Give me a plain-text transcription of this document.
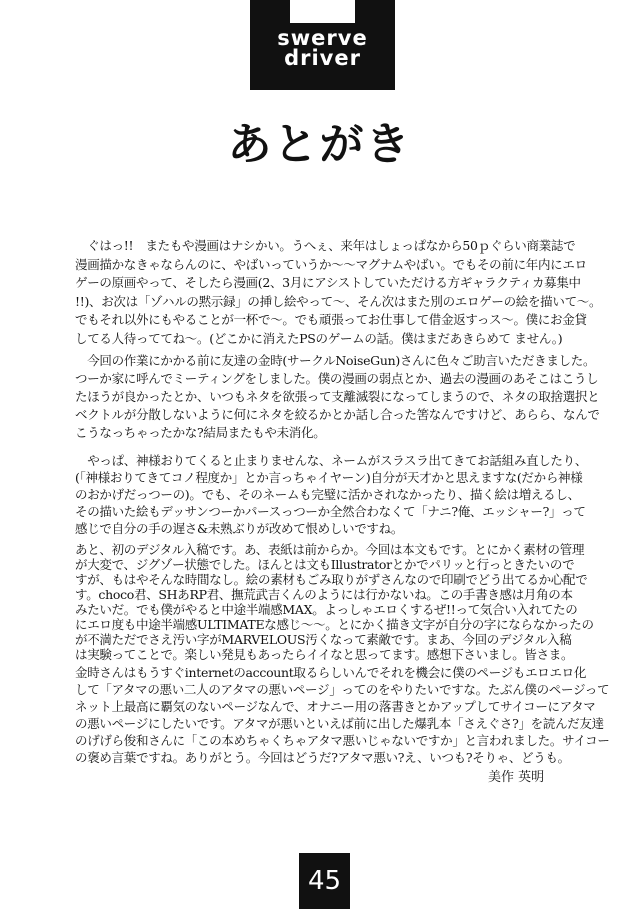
swerve
driver
あとがき
　ぐはっ!!　またもや漫画はナシかい。うへぇ、来年はしょっぱなから50ｐぐらい商業誌で
漫画描かなきゃならんのに、やばいっていうか〜〜マグナムやばい。でもその前に年内にエロ
ゲーの原画やって、そしたら漫画(2、3月にアシストしていただける方ギャラクティカ募集中
!!)、お次は「ゾハルの黙示録」の挿し絵やって〜、そん次はまた別のエロゲーの絵を描いて〜。
でもそれ以外にもやることが一杯で〜。でも頑張ってお仕事して借金返すっス〜。僕にお金貸
してる人待っててね〜。(どこかに消えたPSのゲームの話。僕はまだあきらめて ません。)
　今回の作業にかかる前に友達の金時(サークルNoiseGun)さんに色々ご助言いただきました。
つーか家に呼んでミーティングをしました。僕の漫画の弱点とか、過去の漫画のあそこはこうし
たほうが良かったとか、いつもネタを欲張って支離滅裂になってしまうので、ネタの取捨選択と
ベクトルが分散しないように何にネタを絞るかとか話し合った筈なんですけど、あらら、なんで
こうなっちゃったかな?結局またもや未消化。
　やっぱ、神様おりてくると止まりませんな、ネームがスラスラ出てきてお話組み直したり、
(「神様おりてきてコノ程度か」とか言っちゃイヤーン)自分が天才かと思えますな(だから神様
のおかげだっつーの)。でも、そのネームも完璧に活かされなかったり、描く絵は増えるし、
その描いた絵もデッサンつーかパースっつーか全然合わなくて「ナニ?俺、エッシャー?」って
感じで自分の手の遅さ&未熟ぶりが改めて恨めしいですね。
あと、初のデジタル入稿です。あ、表紙は前からか。今回は本文もです。とにかく素材の管理
が大変で、ジグゾー状態でした。ほんとは文もIllustratorとかでパリッと行っときたいので
すが、もはやそんな時間なし。絵の素材もごみ取りがずさんなので印刷でどう出てるか心配で
す。choco君、SHあRP君、撫荒武吉くんのようには行かないね。この手書き感は月角の本
みたいだ。でも僕がやると中途半端感MAX。よっしゃエロくするぜ!!って気合い入れてたの
にエロ度も中途半端感ULTIMATEな感じ〜〜。とにかく描き文字が自分の字にならなかったの
が不満ただでさえ汚い字がMARVELOUS汚くなって素敵です。まあ、今回のデジタル入稿
は実験ってことで。楽しい発見もあったらイイなと思ってます。感想下さいまし。皆さま。
金時さんはもうすぐinternetのaccount取るらしいんでそれを機会に僕のページもエロエロ化
して「アタマの悪い二人のアタマの悪いページ」ってのをやりたいですな。たぶん僕のページって
ネット上最高に覇気のないページなんで、オナニー用の落書きとかアップしてサイコーにアタマ
の悪いページにしたいです。アタマが悪いといえば前に出した爆乳本「さえぐさ?」を読んだ友達
のげげら俊和さんに「この本めちゃくちゃアタマ悪いじゃないですか」と言われました。サイコー
の褒め言葉ですね。ありがとう。今回はどうだ?アタマ悪い?え、いつも?そりゃ、どうも。
美作 英明
45
